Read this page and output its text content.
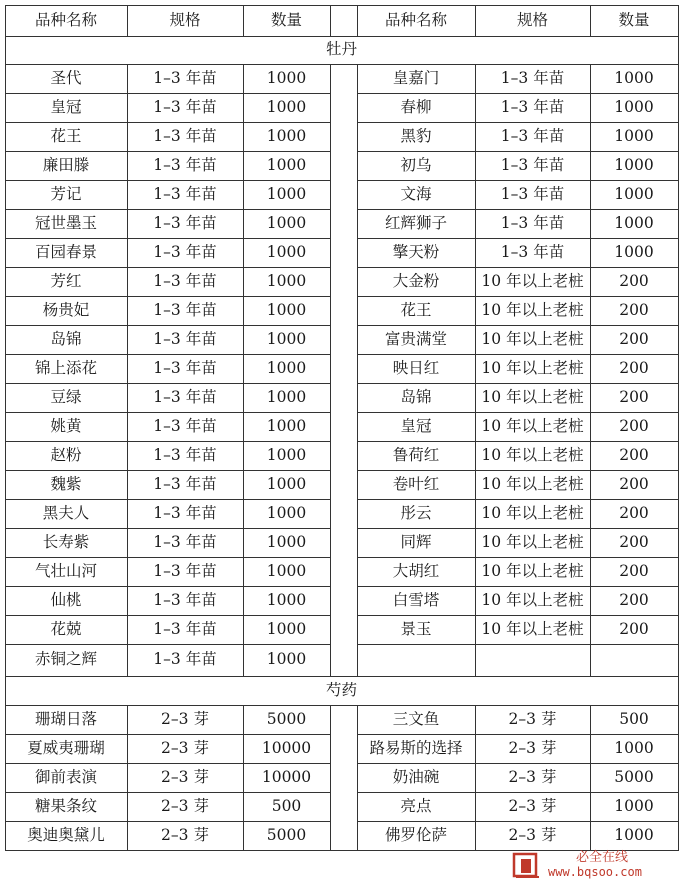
品种名称	规格	数量	品种名称	规格	数量
牡丹
圣代	1–3 年苗	1000	皇嘉门	1–3 年苗	1000
皇冠	1–3 年苗	1000	春柳	1–3 年苗	1000
花王	1–3 年苗	1000	黑豹	1–3 年苗	1000
廉田滕	1–3 年苗	1000	初乌	1–3 年苗	1000
芳记	1–3 年苗	1000	文海	1–3 年苗	1000
冠世墨玉	1–3 年苗	1000	红辉狮子	1–3 年苗	1000
百园春景	1–3 年苗	1000	擎天粉	1–3 年苗	1000
芳红	1–3 年苗	1000	大金粉	10 年以上老桩	200
杨贵妃	1–3 年苗	1000	花王	10 年以上老桩	200
岛锦	1–3 年苗	1000	富贵满堂	10 年以上老桩	200
锦上添花	1–3 年苗	1000	映日红	10 年以上老桩	200
豆绿	1–3 年苗	1000	岛锦	10 年以上老桩	200
姚黄	1–3 年苗	1000	皇冠	10 年以上老桩	200
赵粉	1–3 年苗	1000	鲁荷红	10 年以上老桩	200
魏紫	1–3 年苗	1000	卷叶红	10 年以上老桩	200
黑夫人	1–3 年苗	1000	彤云	10 年以上老桩	200
长寿紫	1–3 年苗	1000	同辉	10 年以上老桩	200
气壮山河	1–3 年苗	1000	大胡红	10 年以上老桩	200
仙桃	1–3 年苗	1000	白雪塔	10 年以上老桩	200
花兢	1–3 年苗	1000	景玉	10 年以上老桩	200
赤铜之辉	1–3 年苗	1000
芍药
珊瑚日落	2–3 芽	5000	三文鱼	2–3 芽	500
夏威夷珊瑚	2–3 芽	10000	路易斯的选择	2–3 芽	1000
御前表演	2–3 芽	10000	奶油碗	2–3 芽	5000
糖果条纹	2–3 芽	500	亮点	2–3 芽	1000
奥迪奥黛儿	2–3 芽	5000	佛罗伦萨	2–3 芽	1000
必全在线
www.bqsoo.com
